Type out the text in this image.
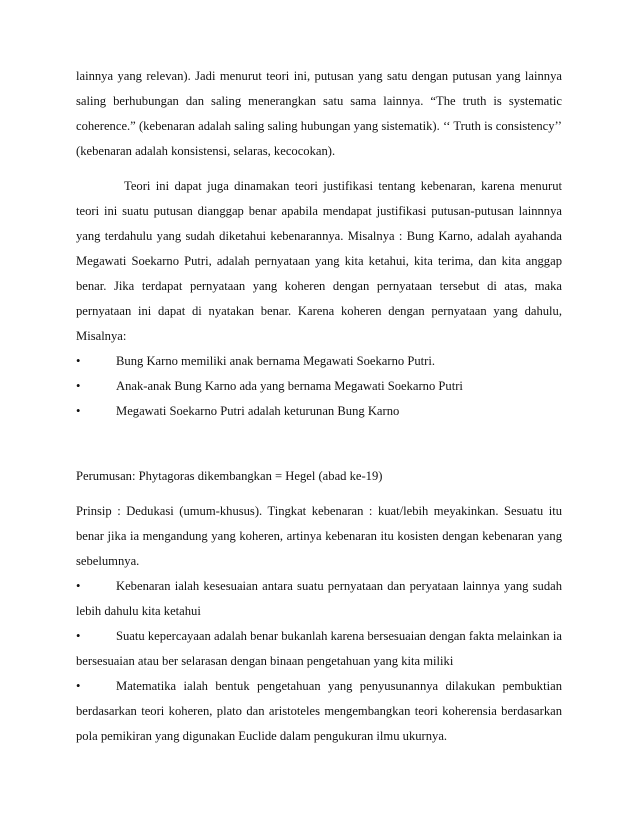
lainnya yang relevan). Jadi menurut teori ini, putusan yang satu dengan putusan yang lainnya saling berhubungan dan saling menerangkan satu sama lainnya. “The truth is systematic coherence.” (kebenaran adalah saling saling hubungan yang sistematik). ‘‘ Truth is consistency’’ (kebenaran adalah konsistensi, selaras, kecocokan).

Teori ini dapat juga dinamakan teori justifikasi tentang kebenaran, karena menurut teori ini suatu putusan dianggap benar apabila mendapat justifikasi putusan-putusan lainnnya yang terdahulu yang sudah diketahui kebenarannya. Misalnya : Bung Karno, adalah ayahanda Megawati Soekarno Putri, adalah pernyataan yang kita ketahui, kita terima, dan kita anggap benar. Jika terdapat pernyataan yang koheren dengan pernyataan tersebut di atas, maka pernyataan ini dapat di nyatakan benar. Karena koheren dengan pernyataan yang dahulu, Misalnya:

•	Bung Karno memiliki anak bernama Megawati Soekarno Putri.
•	Anak-anak Bung Karno ada yang bernama Megawati Soekarno Putri
•	Megawati Soekarno Putri adalah keturunan Bung Karno

Perumusan: Phytagoras dikembangkan = Hegel (abad ke-19)

Prinsip : Dedukasi (umum-khusus). Tingkat kebenaran : kuat/lebih meyakinkan. Sesuatu itu benar jika ia mengandung yang koheren, artinya kebenaran itu kosisten dengan kebenaran yang sebelumnya.

•	Kebenaran ialah kesesuaian antara suatu pernyataan dan peryataan lainnya yang sudah lebih dahulu kita ketahui

•	Suatu kepercayaan adalah benar bukanlah karena bersesuaian dengan fakta melainkan ia bersesuaian atau ber selarasan dengan binaan pengetahuan yang kita miliki

•	Matematika ialah bentuk pengetahuan yang penyusunannya dilakukan pembuktian berdasarkan teori koheren, plato dan aristoteles mengembangkan teori koherensia berdasarkan pola pemikiran yang digunakan Euclide dalam pengukuran ilmu ukurnya.
